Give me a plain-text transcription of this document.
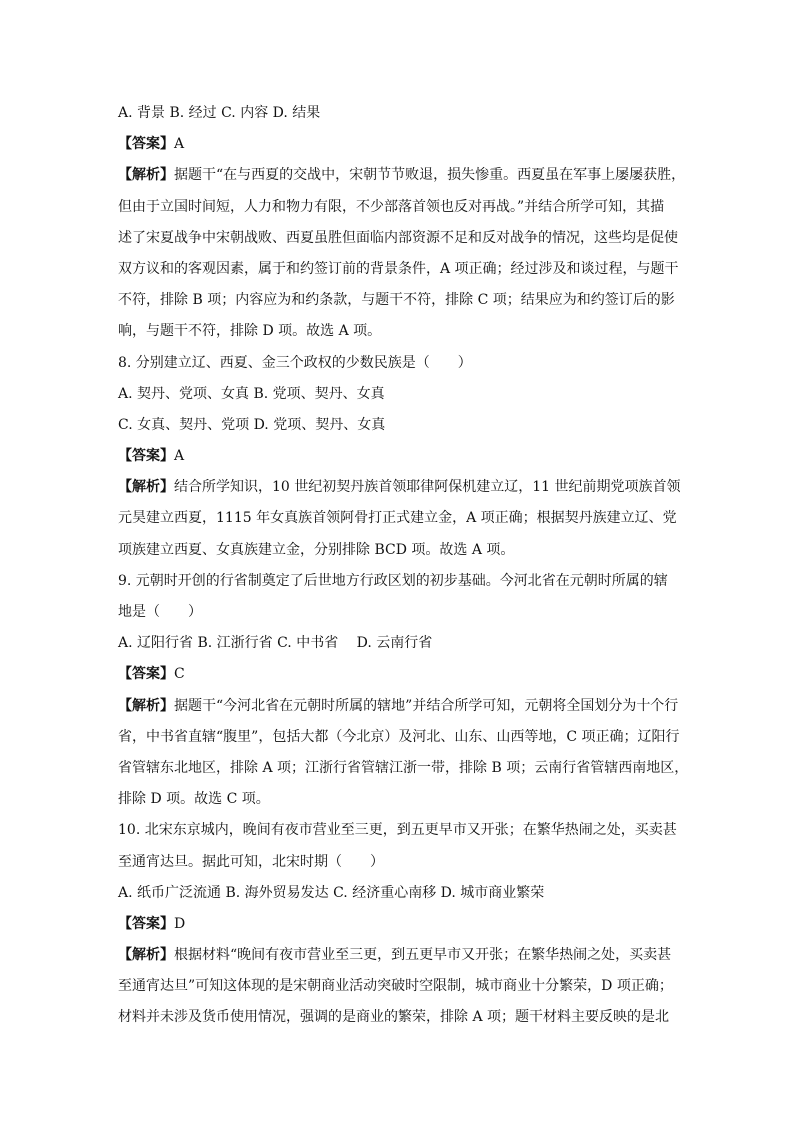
A. 背景 B. 经过 C. 内容 D. 结果
【答案】A
【解析】据题干“在与西夏的交战中，宋朝节节败退，损失惨重。西夏虽在军事上屡屡获胜，
但由于立国时间短，人力和物力有限，不少部落首领也反对再战。”并结合所学可知，其描
述了宋夏战争中宋朝战败、西夏虽胜但面临内部资源不足和反对战争的情况，这些均是促使
双方议和的客观因素，属于和约签订前的背景条件，A 项正确；经过涉及和谈过程，与题干
不符，排除 B 项；内容应为和约条款，与题干不符，排除 C 项；结果应为和约签订后的影
响，与题干不符，排除 D 项。故选 A 项。
8. 分别建立辽、西夏、金三个政权的少数民族是（　　）
A. 契丹、党项、女真 B. 党项、契丹、女真
C. 女真、契丹、党项 D. 党项、契丹、女真
【答案】A
【解析】结合所学知识，10 世纪初契丹族首领耶律阿保机建立辽，11 世纪前期党项族首领
元昊建立西夏，1115 年女真族首领阿骨打正式建立金，A 项正确；根据契丹族建立辽、党
项族建立西夏、女真族建立金，分别排除 BCD 项。故选 A 项。
9. 元朝时开创的行省制奠定了后世地方行政区划的初步基础。今河北省在元朝时所属的辖
地是（　　）
A. 辽阳行省 B. 江浙行省 C. 中书省　 D. 云南行省
【答案】C
【解析】据题干“今河北省在元朝时所属的辖地”并结合所学可知，元朝将全国划分为十个行
省，中书省直辖“腹里”，包括大都（今北京）及河北、山东、山西等地，C 项正确；辽阳行
省管辖东北地区，排除 A 项；江浙行省管辖江浙一带，排除 B 项；云南行省管辖西南地区，
排除 D 项。故选 C 项。
10. 北宋东京城内，晚间有夜市营业至三更，到五更早市又开张；在繁华热闹之处，买卖甚
至通宵达旦。据此可知，北宋时期（　　）
A. 纸币广泛流通 B. 海外贸易发达 C. 经济重心南移 D. 城市商业繁荣
【答案】D
【解析】根据材料“晚间有夜市营业至三更，到五更早市又开张；在繁华热闹之处，买卖甚
至通宵达旦”可知这体现的是宋朝商业活动突破时空限制，城市商业十分繁荣，D 项正确；
材料并未涉及货币使用情况，强调的是商业的繁荣，排除 A 项；题干材料主要反映的是北
